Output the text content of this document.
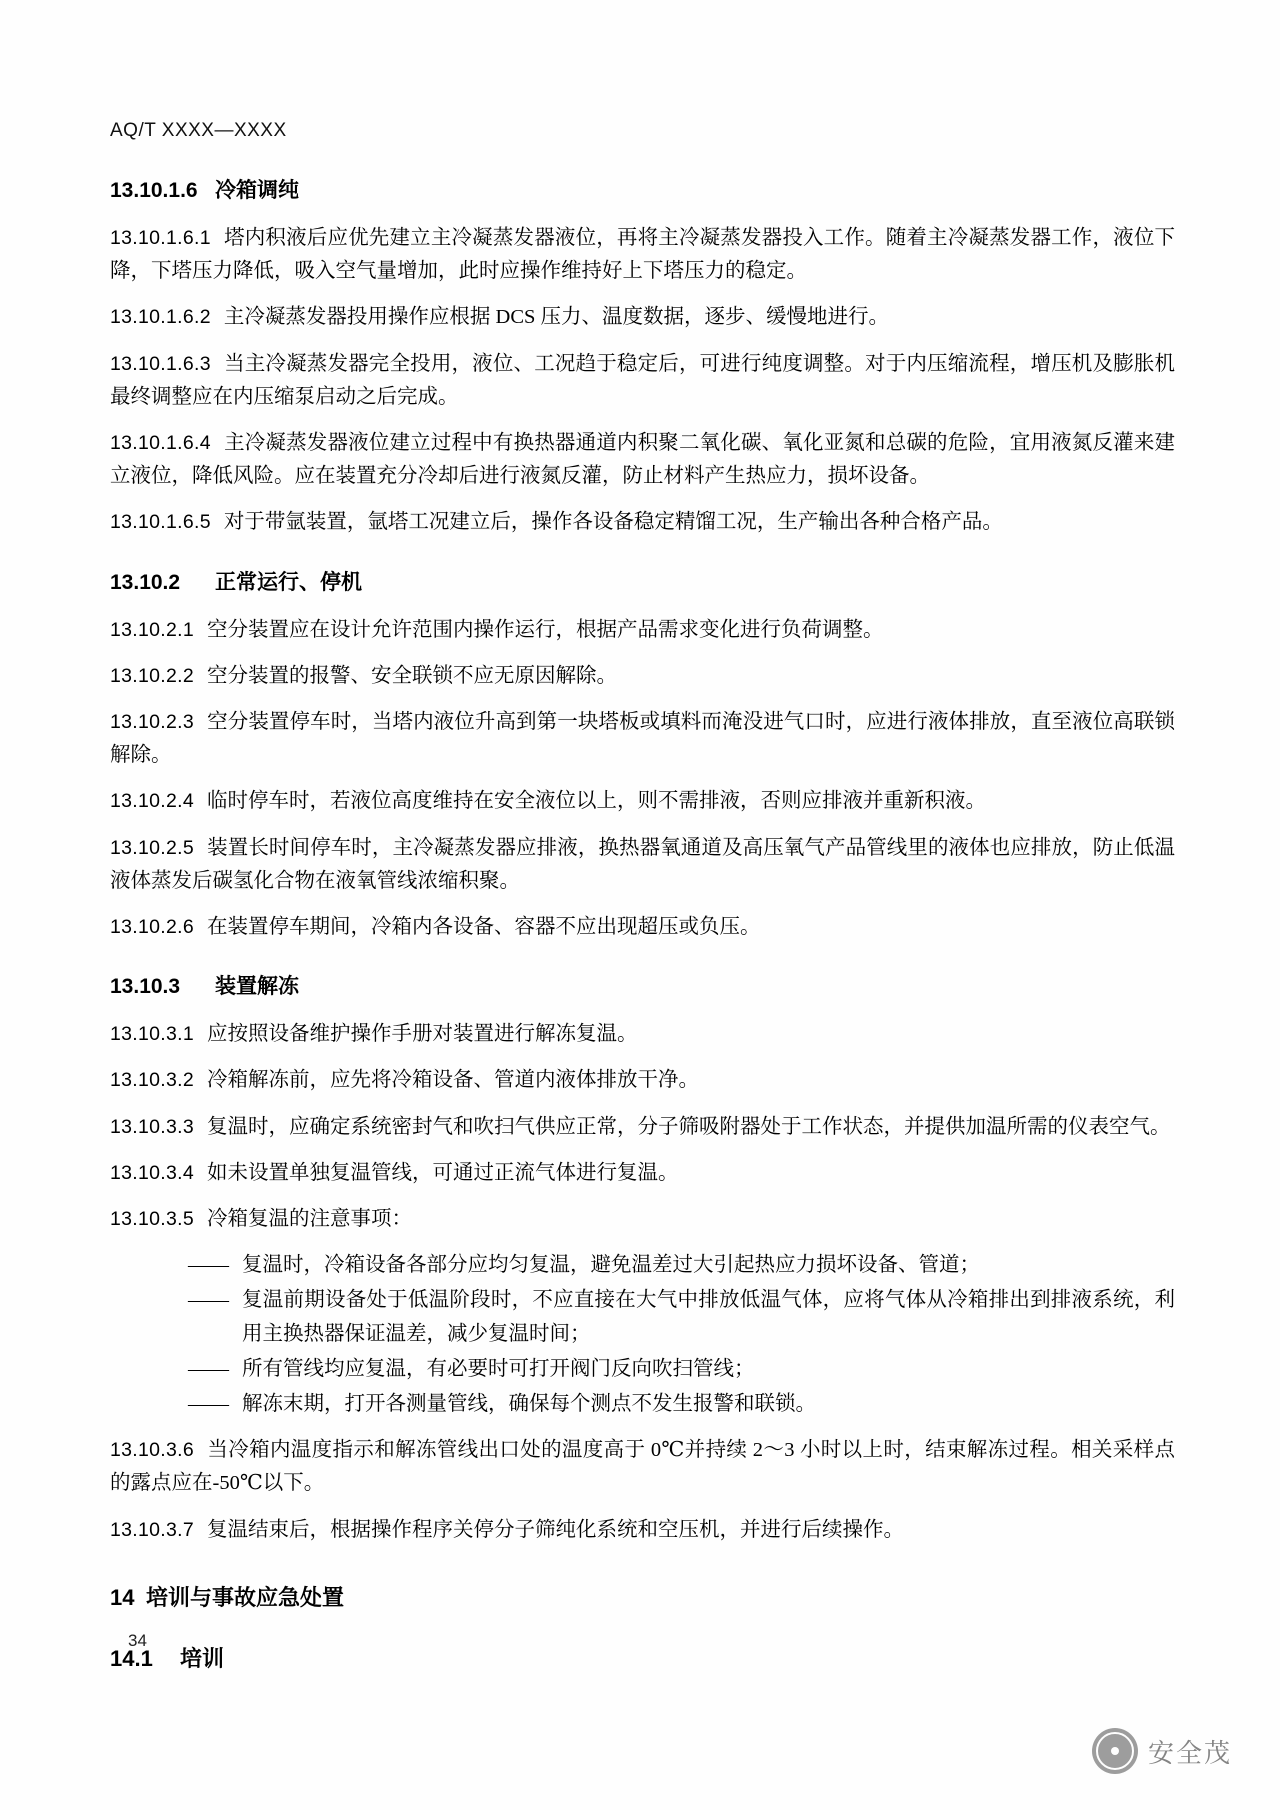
AQ/T XXXX—XXXX
13.10.1.6 冷箱调纯

13.10.1.6.1 塔内积液后应优先建立主冷凝蒸发器液位，再将主冷凝蒸发器投入工作。随着主冷凝蒸发器工作，液位下降，下塔压力降低，吸入空气量增加，此时应操作维持好上下塔压力的稳定。

13.10.1.6.2 主冷凝蒸发器投用操作应根据 DCS 压力、温度数据，逐步、缓慢地进行。

13.10.1.6.3 当主冷凝蒸发器完全投用，液位、工况趋于稳定后，可进行纯度调整。对于内压缩流程，增压机及膨胀机最终调整应在内压缩泵启动之后完成。

13.10.1.6.4 主冷凝蒸发器液位建立过程中有换热器通道内积聚二氧化碳、氧化亚氮和总碳的危险，宜用液氮反灌来建立液位，降低风险。应在装置充分冷却后进行液氮反灌，防止材料产生热应力，损坏设备。

13.10.1.6.5 对于带氩装置，氩塔工况建立后，操作各设备稳定精馏工况，生产输出各种合格产品。

13.10.2 正常运行、停机

13.10.2.1 空分装置应在设计允许范围内操作运行，根据产品需求变化进行负荷调整。

13.10.2.2 空分装置的报警、安全联锁不应无原因解除。

13.10.2.3 空分装置停车时，当塔内液位升高到第一块塔板或填料而淹没进气口时，应进行液体排放，直至液位高联锁解除。

13.10.2.4 临时停车时，若液位高度维持在安全液位以上，则不需排液，否则应排液并重新积液。

13.10.2.5 装置长时间停车时，主冷凝蒸发器应排液，换热器氧通道及高压氧气产品管线里的液体也应排放，防止低温液体蒸发后碳氢化合物在液氧管线浓缩积聚。

13.10.2.6 在装置停车期间，冷箱内各设备、容器不应出现超压或负压。

13.10.3 装置解冻

13.10.3.1 应按照设备维护操作手册对装置进行解冻复温。

13.10.3.2 冷箱解冻前，应先将冷箱设备、管道内液体排放干净。

13.10.3.3 复温时，应确定系统密封气和吹扫气供应正常，分子筛吸附器处于工作状态，并提供加温所需的仪表空气。

13.10.3.4 如未设置单独复温管线，可通过正流气体进行复温。

13.10.3.5 冷箱复温的注意事项：

—— 复温时，冷箱设备各部分应均匀复温，避免温差过大引起热应力损坏设备、管道；
—— 复温前期设备处于低温阶段时，不应直接在大气中排放低温气体，应将气体从冷箱排出到排液系统，利用主换热器保证温差，减少复温时间；
—— 所有管线均应复温，有必要时可打开阀门反向吹扫管线；
—— 解冻末期，打开各测量管线，确保每个测点不发生报警和联锁。

13.10.3.6 当冷箱内温度指示和解冻管线出口处的温度高于 0℃并持续 2～3 小时以上时，结束解冻过程。相关采样点的露点应在-50℃以下。

13.10.3.7 复温结束后，根据操作程序关停分子筛纯化系统和空压机，并进行后续操作。

14 培训与事故应急处置
14.1 培训
34
安全茂
